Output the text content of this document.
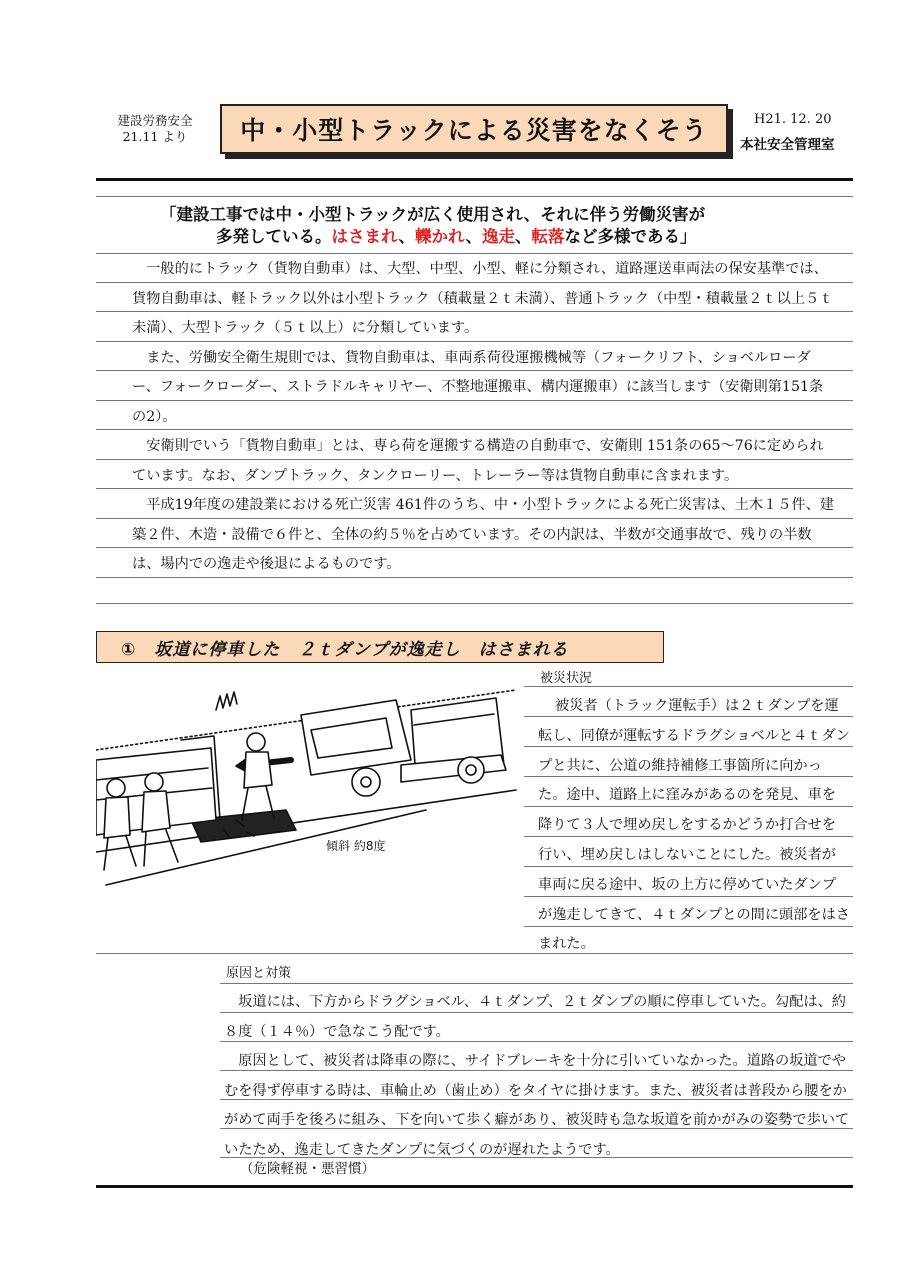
建設労務安全
21.11 より	中・小型トラックによる災害をなくそう	H21. 12. 20
本社安全管理室
「建設工事では中・小型トラックが広く使用され、それに伴う労働災害が
多発している。はさまれ、轢かれ、逸走、転落など多様である」

一般的にトラック（貨物自動車）は、大型、中型、小型、軽に分類され、道路運送車両法の保安基準では、貨物自動車は、軽トラック以外は小型トラック（積載量２ｔ未満）、普通トラック（中型・積載量２ｔ以上５ｔ未満）、大型トラック（５ｔ以上）に分類しています。

また、労働安全衛生規則では、貨物自動車は、車両系荷役運搬機械等（フォークリフト、ショベルローダー、フォークローダー、ストラドルキャリヤー、不整地運搬車、構内運搬車）に該当します（安衛則第151条の2）。

安衛則でいう「貨物自動車」とは、専ら荷を運搬する構造の自動車で、安衛則 151条の65〜76に定められています。なお、ダンプトラック、タンクローリー、トレーラー等は貨物自動車に含まれます。

平成19年度の建設業における死亡災害 461件のうち、中・小型トラックによる死亡災害は、土木１５件、建築２件、木造・設備で６件と、全体の約５％を占めています。その内訳は、半数が交通事故で、残りの半数は、場内での逸走や後退によるものです。

①　坂道に停車した　２ｔダンプが逸走し　はさまれる
傾斜 約8度
被災状況

被災者（トラック運転手）は２ｔダンプを運転し、同僚が運転するドラグショベルと４ｔダンプと共に、公道の維持補修工事箇所に向かった。途中、道路上に窪みがあるのを発見、車を降りて３人で埋め戻しをするかどうか打合せを行い、埋め戻しはしないことにした。被災者が車両に戻る途中、坂の上方に停めていたダンプが逸走してきて、４ｔダンプとの間に頭部をはさまれた。

原因と対策

坂道には、下方からドラグショベル、４ｔダンプ、２ｔダンプの順に停車していた。勾配は、約８度（１４％）で急なこう配です。

原因として、被災者は降車の際に、サイドブレーキを十分に引いていなかった。道路の坂道でやむを得ず停車する時は、車輪止め（歯止め）をタイヤに掛けます。また、被災者は普段から腰をかがめて両手を後ろに組み、下を向いて歩く癖があり、被災時も急な坂道を前かがみの姿勢で歩いていたため、逸走してきたダンプに気づくのが遅れたようです。

（危険軽視・悪習慣）
